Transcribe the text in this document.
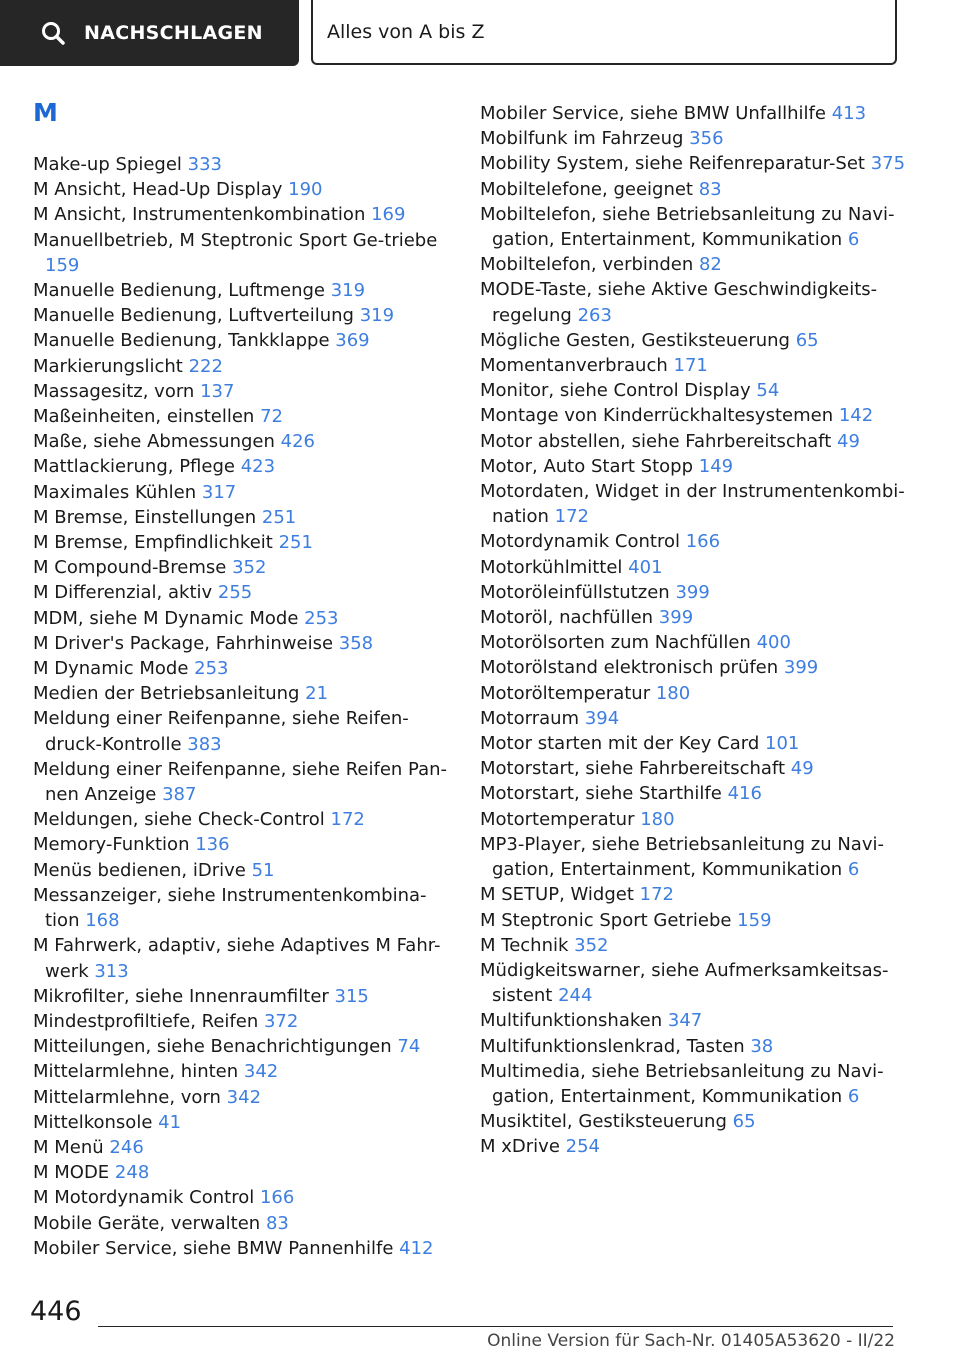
NACHSCHLAGEN	Alles von A bis Z
M

Make-up Spiegel 333

M Ansicht, Head-Up Display 190

M Ansicht, Instrumentenkombination 169

Manuellbetrieb, M Steptronic Sport Ge-triebe 159

Manuelle Bedienung, Luftmenge 319

Manuelle Bedienung, Luftverteilung 319

Manuelle Bedienung, Tankklappe 369

Markierungslicht 222

Massagesitz, vorn 137

Maßeinheiten, einstellen 72

Maße, siehe Abmessungen 426

Mattlackierung, Pflege 423

Maximales Kühlen 317

M Bremse, Einstellungen 251

M Bremse, Empfindlichkeit 251

M Compound-Bremse 352

M Differenzial, aktiv 255

MDM, siehe M Dynamic Mode 253

M Driver's Package, Fahrhinweise 358

M Dynamic Mode 253

Medien der Betriebsanleitung 21

Meldung einer Reifenpanne, siehe Reifen-druck-Kontrolle 383

Meldung einer Reifenpanne, siehe Reifen Pan-nen Anzeige 387

Meldungen, siehe Check-Control 172

Memory-Funktion 136

Menüs bedienen, iDrive 51

Messanzeiger, siehe Instrumentenkombina-tion 168

M Fahrwerk, adaptiv, siehe Adaptives M Fahr-werk 313

Mikrofilter, siehe Innenraumfilter 315

Mindestprofiltiefe, Reifen 372

Mitteilungen, siehe Benachrichtigungen 74

Mittelarmlehne, hinten 342

Mittelarmlehne, vorn 342

Mittelkonsole 41

M Menü 246

M MODE 248

M Motordynamik Control 166

Mobile Geräte, verwalten 83

Mobiler Service, siehe BMW Pannenhilfe 412

Mobiler Service, siehe BMW Unfallhilfe 413

Mobilfunk im Fahrzeug 356

Mobility System, siehe Reifenreparatur-Set 375

Mobiltelefone, geeignet 83

Mobiltelefon, siehe Betriebsanleitung zu Navi-gation, Entertainment, Kommunikation 6

Mobiltelefon, verbinden 82

MODE-Taste, siehe Aktive Geschwindigkeits-regelung 263

Mögliche Gesten, Gestiksteuerung 65

Momentanverbrauch 171

Monitor, siehe Control Display 54

Montage von Kinderrückhaltesystemen 142

Motor abstellen, siehe Fahrbereitschaft 49

Motor, Auto Start Stopp 149

Motordaten, Widget in der Instrumentenkombi-nation 172

Motordynamik Control 166

Motorkühlmittel 401

Motoröleinfüllstutzen 399

Motoröl, nachfüllen 399

Motorölsorten zum Nachfüllen 400

Motorölstand elektronisch prüfen 399

Motoröltemperatur 180

Motorraum 394

Motor starten mit der Key Card 101

Motorstart, siehe Fahrbereitschaft 49

Motorstart, siehe Starthilfe 416

Motortemperatur 180

MP3-Player, siehe Betriebsanleitung zu Navi-gation, Entertainment, Kommunikation 6

M SETUP, Widget 172

M Steptronic Sport Getriebe 159

M Technik 352

Müdigkeitswarner, siehe Aufmerksamkeitsas-sistent 244

Multifunktionshaken 347

Multifunktionslenkrad, Tasten 38

Multimedia, siehe Betriebsanleitung zu Navi-gation, Entertainment, Kommunikation 6

Musiktitel, Gestiksteuerung 65

M xDrive 254

446
Online Version für Sach-Nr. 01405A53620 - II/22
